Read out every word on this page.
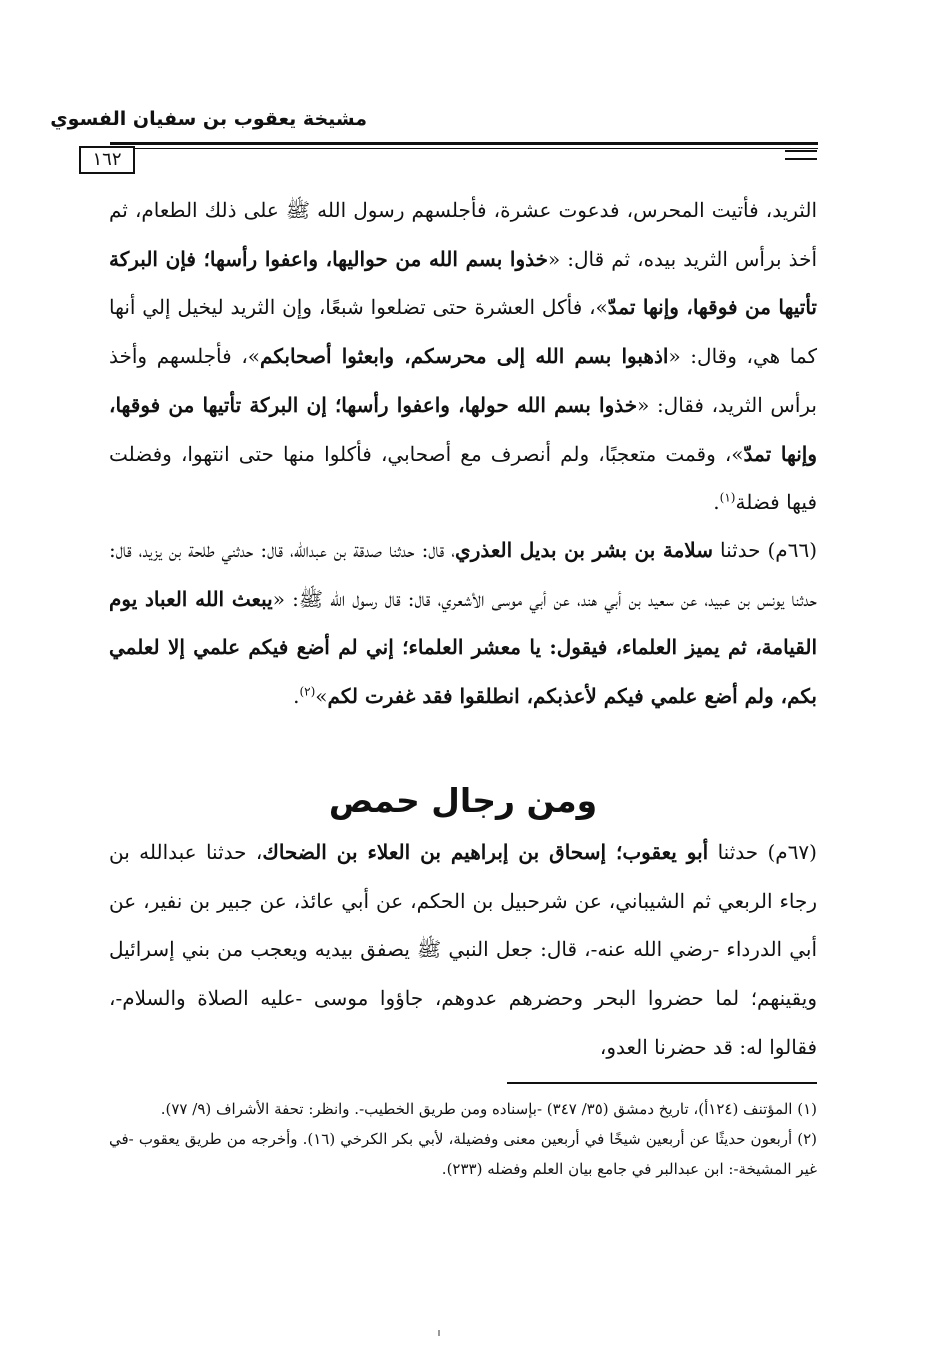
مشيخة يعقوب بن سفيان الفسوي
١٦٢
الثريد، فأتيت المحرس، فدعوت عشرة، فأجلسهم رسول الله ﷺ على ذلك الطعام، ثم أخذ برأس الثريد بيده، ثم قال: «خذوا بسم الله من حواليها، واعفوا رأسها؛ فإن البركة تأتيها من فوقها، وإنها تمدّ»، فأكل العشرة حتى تضلعوا شبعًا، وإن الثريد ليخيل إلي أنها كما هي، وقال: «اذهبوا بسم الله إلى محرسكم، وابعثوا أصحابكم»، فأجلسهم وأخذ برأس الثريد، فقال: «خذوا بسم الله حولها، واعفوا رأسها؛ إن البركة تأتيها من فوقها، وإنها تمدّ»، وقمت متعجبًا، ولم أنصرف مع أصحابي، فأكلوا منها حتى انتهوا، وفضلت فيها فضلة$^{(١)}$.
(٦٦م) حدثنا سلامة بن بشر بن بديل العذري، قال: حدثنا صدقة بن عبدالله، قال: حدثني طلحة بن يزيد، قال: حدثنا يونس بن عبيد، عن سعيد بن أبي هند، عن أبي موسى الأشعري، قال: قال رسول الله ﷺ: «يبعث الله العباد يوم القيامة، ثم يميز العلماء، فيقول: يا معشر العلماء؛ إني لم أضع فيكم علمي إلا لعلمي بكم، ولم أضع علمي فيكم لأعذبكم، انطلقوا فقد غفرت لكم»$^{(٢)}$.
ومن رجال حمص
(٦٧م) حدثنا أبو يعقوب؛ إسحاق بن إبراهيم بن العلاء بن الضحاك، حدثنا عبدالله بن رجاء الربعي ثم الشيباني، عن شرحبيل بن الحكم، عن أبي عائذ، عن جبير بن نفير، عن أبي الدرداء -رضي الله عنه-، قال: جعل النبي ﷺ يصفق بيديه ويعجب من بني إسرائيل ويقينهم؛ لما حضروا البحر وحضرهم عدوهم، جاؤوا موسى -عليه الصلاة والسلام-، فقالوا له: قد حضرنا العدو،
(١) المؤتنف (١٢٤أ)، تاريخ دمشق (٣٥/ ٣٤٧) -بإسناده ومن طريق الخطيب-. وانظر: تحفة الأشراف (٩/ ٧٧).
(٢) أربعون حديثًا عن أربعين شيخًا في أربعين معنى وفضيلة، لأبي بكر الكرخي (١٦). وأخرجه من طريق يعقوب -في غير المشيخة-: ابن عبدالبر في جامع بيان العلم وفضله (٢٣٣).
